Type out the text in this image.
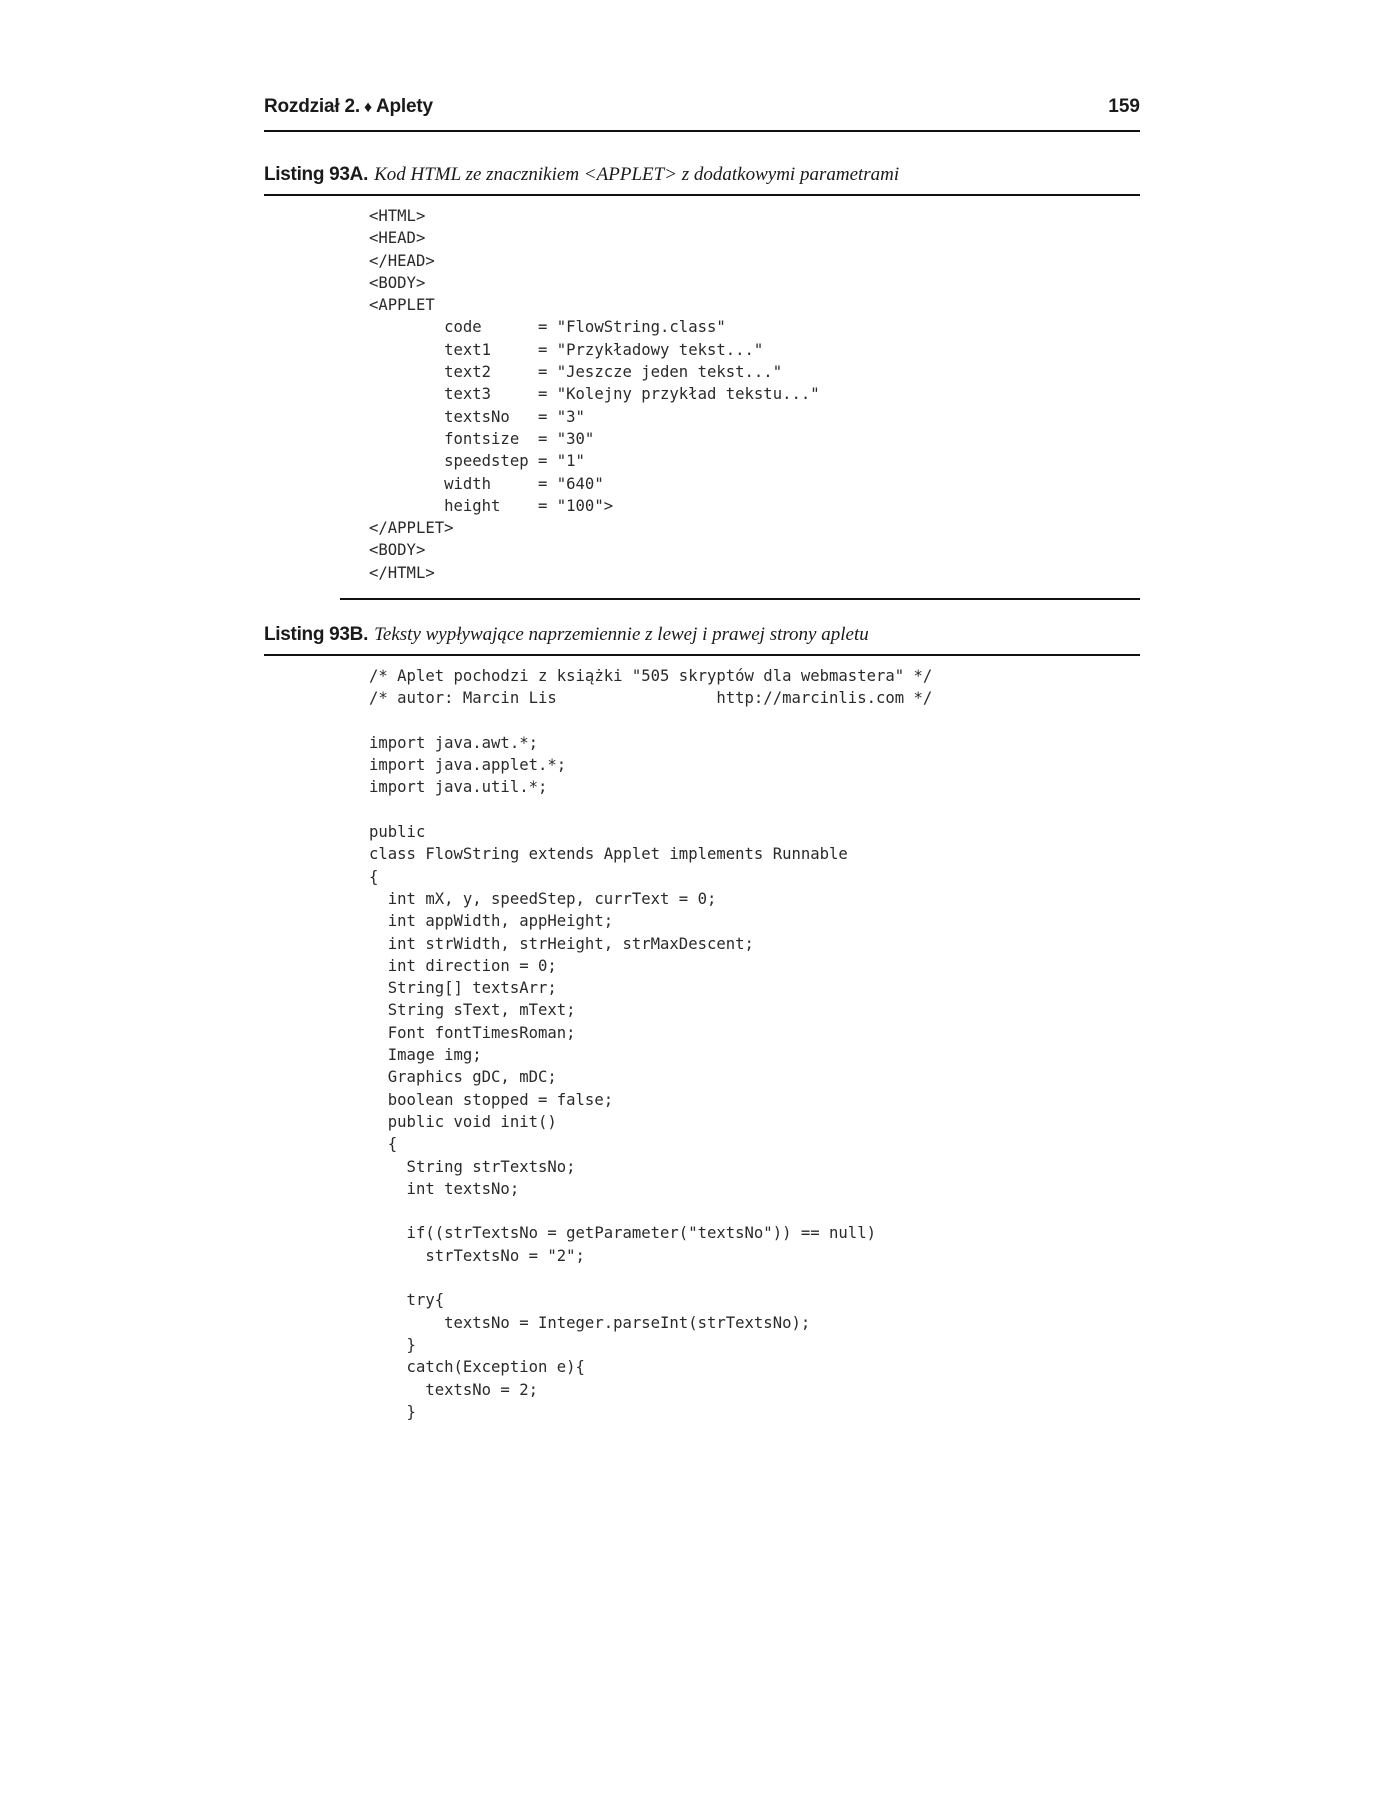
Rozdział 2. ♦ Aplety	159
Listing 93A. Kod HTML ze znacznikiem <APPLET> z dodatkowymi parametrami
<HTML>
<HEAD>
</HEAD>
<BODY>
<APPLET
code      = "FlowString.class"
text1     = "Przykładowy tekst..."
text2     = "Jeszcze jeden tekst..."
text3     = "Kolejny przykład tekstu..."
textsNo   = "3"
fontsize  = "30"
speedstep = "1"
width     = "640"
height    = "100">
</APPLET>
<BODY>
</HTML>
Listing 93B. Teksty wypływające naprzemiennie z lewej i prawej strony apletu
/* Aplet pochodzi z książki "505 skryptów dla webmastera" */
/* autor: Marcin Lis                 http://marcinlis.com */

import java.awt.*;
import java.applet.*;
import java.util.*;

public
class FlowString extends Applet implements Runnable
{
int mX, y, speedStep, currText = 0;
int appWidth, appHeight;
int strWidth, strHeight, strMaxDescent;
int direction = 0;
String[] textsArr;
String sText, mText;
Font fontTimesRoman;
Image img;
Graphics gDC, mDC;
boolean stopped = false;
public void init()
{
String strTextsNo;
int textsNo;

if((strTextsNo = getParameter("textsNo")) == null)
strTextsNo = "2";

try{
textsNo = Integer.parseInt(strTextsNo);
}
catch(Exception e){
textsNo = 2;
}
